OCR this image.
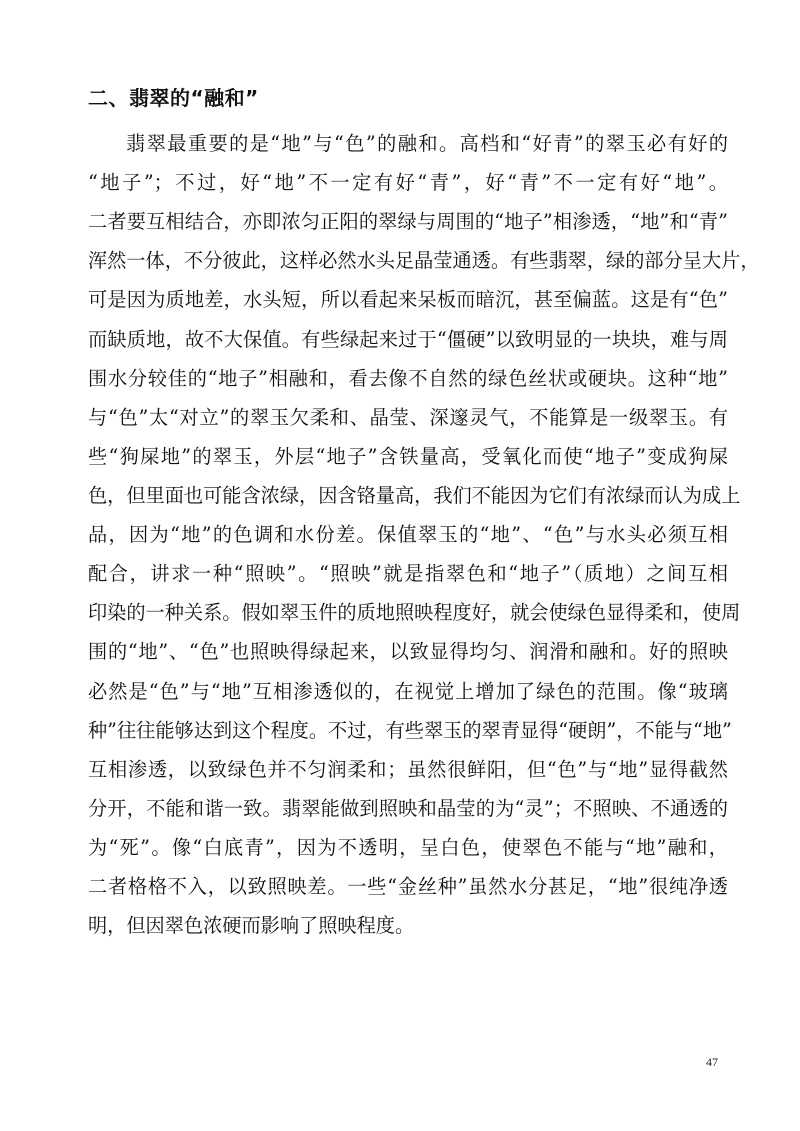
二、翡翠的“融和”
翡翠最重要的是“地”与“色”的融和。高档和“好青”的翠玉必有好的
“地子”；不过，好“地”不一定有好“青”，好“青”不一定有好“地”。
二者要互相结合，亦即浓匀正阳的翠绿与周围的“地子”相渗透，“地”和“青”
浑然一体，不分彼此，这样必然水头足晶莹通透。有些翡翠，绿的部分呈大片，
可是因为质地差，水头短，所以看起来呆板而暗沉，甚至偏蓝。这是有“色”
而缺质地，故不大保值。有些绿起来过于“僵硬”以致明显的一块块，难与周
围水分较佳的“地子”相融和，看去像不自然的绿色丝状或硬块。这种“地”
与“色”太“对立”的翠玉欠柔和、晶莹、深邃灵气，不能算是一级翠玉。有
些“狗屎地”的翠玉，外层“地子”含铁量高，受氧化而使“地子”变成狗屎
色，但里面也可能含浓绿，因含铬量高，我们不能因为它们有浓绿而认为成上
品，因为“地”的色调和水份差。保值翠玉的“地”、“色”与水头必须互相
配合，讲求一种“照映”。“照映”就是指翠色和“地子”（质地）之间互相
印染的一种关系。假如翠玉件的质地照映程度好，就会使绿色显得柔和，使周
围的“地”、“色”也照映得绿起来，以致显得均匀、润滑和融和。好的照映
必然是“色”与“地”互相渗透似的，在视觉上增加了绿色的范围。像“玻璃
种”往往能够达到这个程度。不过，有些翠玉的翠青显得“硬朗”，不能与“地”
互相渗透，以致绿色并不匀润柔和；虽然很鲜阳，但“色”与“地”显得截然
分开，不能和谐一致。翡翠能做到照映和晶莹的为“灵”；不照映、不通透的
为“死”。像“白底青”，因为不透明，呈白色，使翠色不能与“地”融和，
二者格格不入，以致照映差。一些“金丝种”虽然水分甚足，“地”很纯净透
明，但因翠色浓硬而影响了照映程度。
47
